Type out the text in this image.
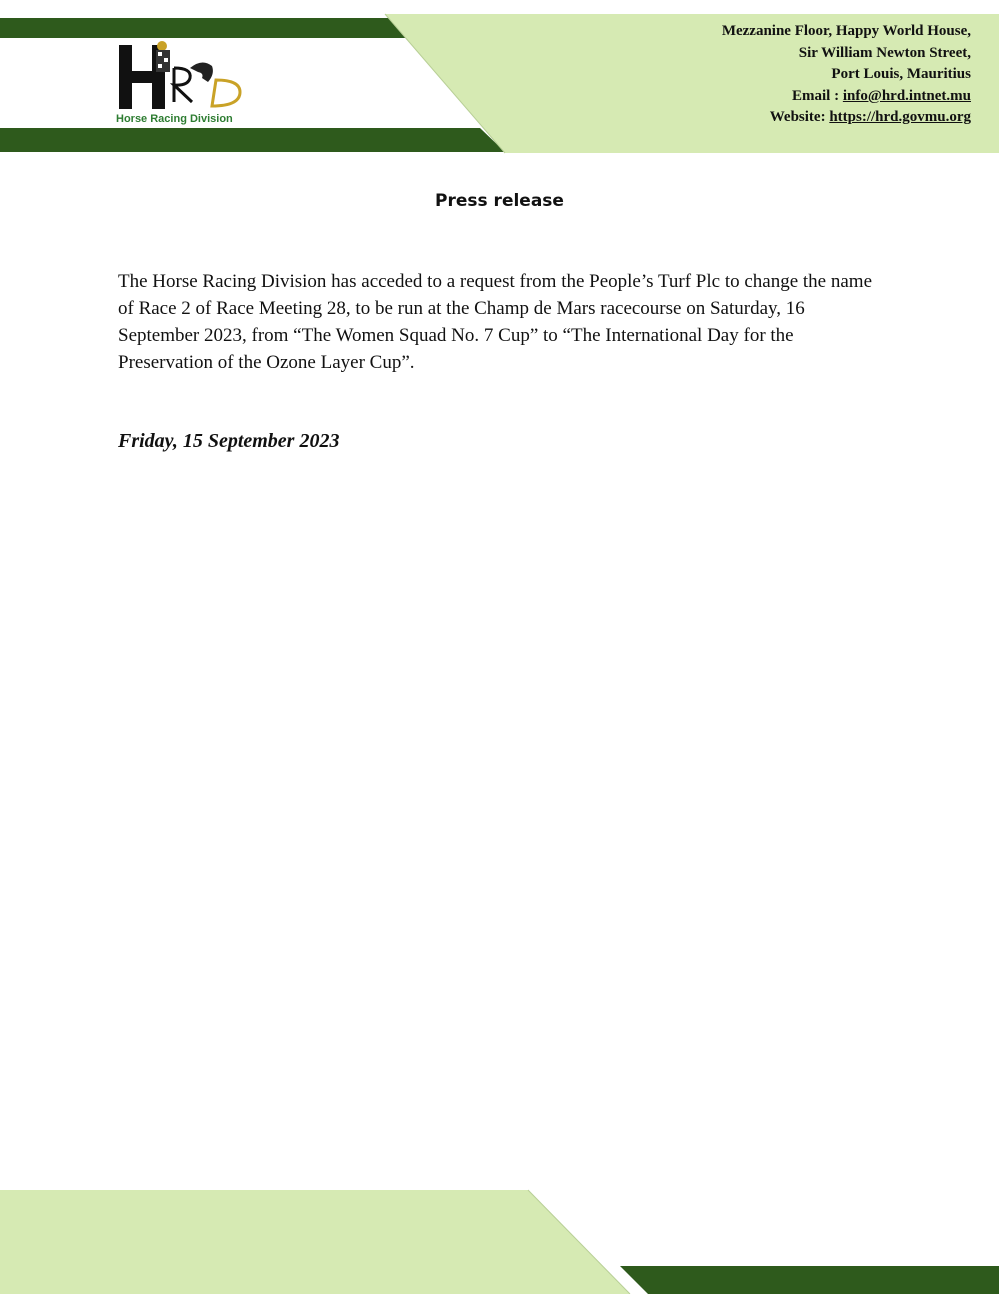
Horse Racing Division
Mezzanine Floor, Happy World House,
Sir William Newton Street,
Port Louis, Mauritius
Email : info@hrd.intnet.mu
Website: https://hrd.govmu.org
Press release

The Horse Racing Division has acceded to a request from the People’s Turf Plc to change the name of Race 2 of Race Meeting 28, to be run at the Champ de Mars racecourse on Saturday, 16 September 2023, from “The Women Squad No. 7 Cup” to “The International Day for the Preservation of the Ozone Layer Cup”.

Friday, 15 September 2023
